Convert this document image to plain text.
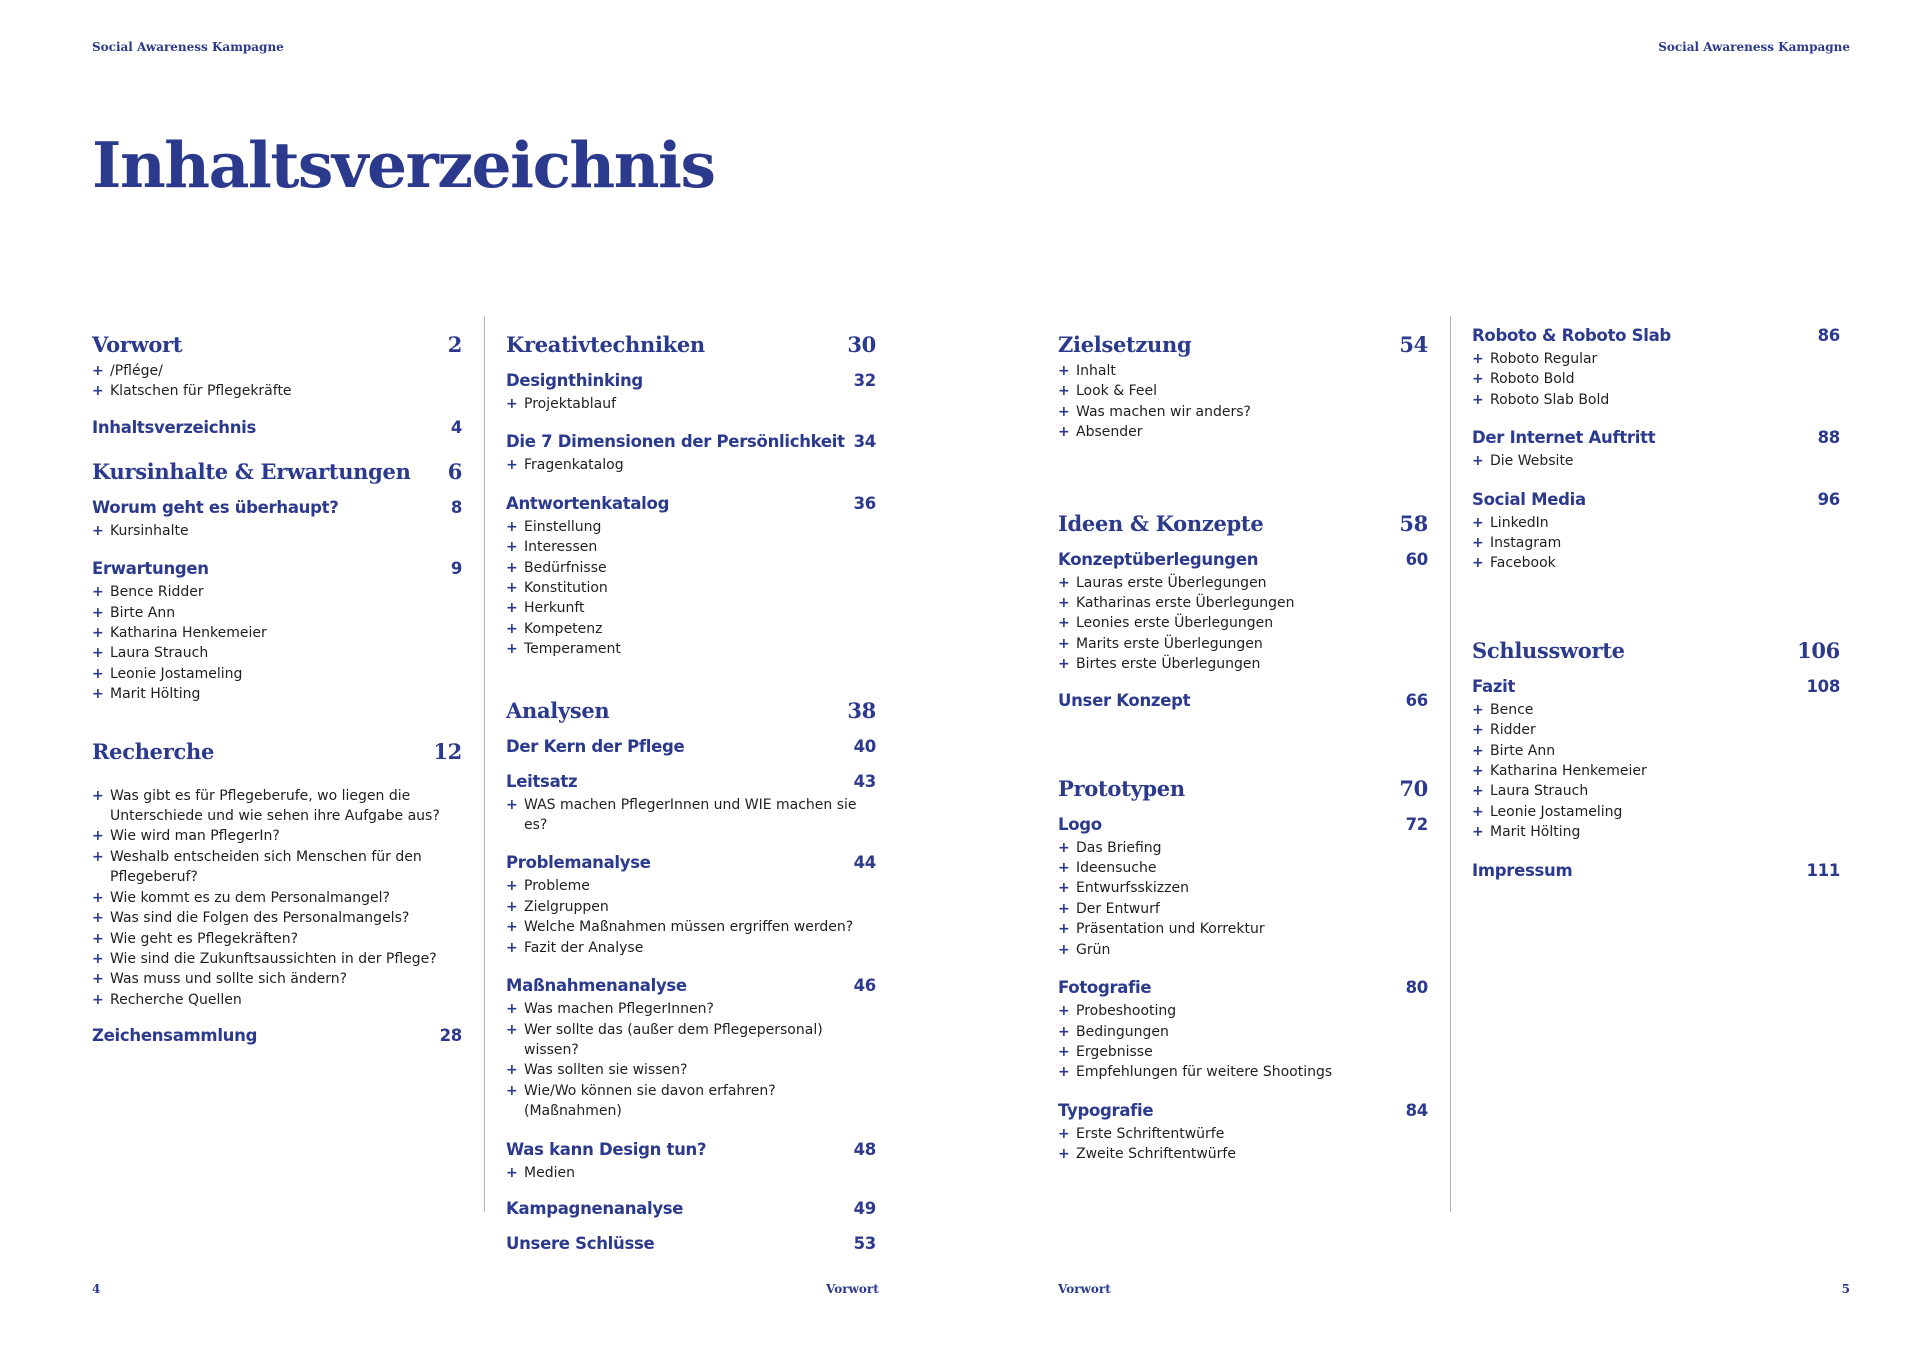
Social Awareness Kampagne	Social Awareness Kampagne
Inhaltsverzeichnis
Vorwort	2
+ /Pflége/
+ Klatschen für Pflegekräfte
Inhaltsverzeichnis	4
Kursinhalte & Erwartungen 6
Worum geht es überhaupt?	8
+ Kursinhalte
Erwartungen	9
+ Bence Ridder
+ Birte Ann
+ Katharina Henkemeier
+ Laura Strauch
+ Leonie Jostameling
+ Marit Hölting
Recherche	12
+ Was gibt es für Pflegeberufe, wo liegen die Unterschiede und wie sehen ihre Aufgabe aus?
+ Wie wird man PflegerIn?
+ Weshalb entscheiden sich Menschen für den Pflegeberuf?
+ Wie kommt es zu dem Personalmangel?
+ Was sind die Folgen des Personalmangels?
+ Wie geht es Pflegekräften?
+ Wie sind die Zukunftsaussichten in der Pflege?
+ Was muss und sollte sich ändern?
+ Recherche Quellen
Zeichensammlung	28
Kreativtechniken	30
Designthinking	32
+ Projektablauf
Die 7 Dimensionen der Persönlichkeit 34
+ Fragenkatalog
Antwortenkatalog	36
+ Einstellung
+ Interessen
+ Bedürfnisse
+ Konstitution
+ Herkunft
+ Kompetenz
+ Temperament
Analysen	38
Der Kern der Pflege	40
Leitsatz	43
+ WAS machen PflegerInnen und WIE machen sie es?
Problemanalyse	44
+ Probleme
+ Zielgruppen
+ Welche Maßnahmen müssen ergriffen werden?
+ Fazit der Analyse
Maßnahmenanalyse	46
+ Was machen PflegerInnen?
+ Wer sollte das (außer dem Pflegepersonal) wissen?
+ Was sollten sie wissen?
+ Wie/Wo können sie davon erfahren? (Maßnahmen)
Was kann Design tun?	48
+ Medien
Kampagnenanalyse	49
Unsere Schlüsse	53
Zielsetzung	54
+ Inhalt
+ Look & Feel
+ Was machen wir anders?
+ Absender
Ideen & Konzepte	58
Konzeptüberlegungen	60
+ Lauras erste Überlegungen
+ Katharinas erste Überlegungen
+ Leonies erste Überlegungen
+ Marits erste Überlegungen
+ Birtes erste Überlegungen
Unser Konzept	66
Prototypen	70
Logo	72
+ Das Briefing
+ Ideensuche
+ Entwurfsskizzen
+ Der Entwurf
+ Präsentation und Korrektur
+ Grün
Fotografie	80
+ Probeshooting
+ Bedingungen
+ Ergebnisse
+ Empfehlungen für weitere Shootings
Typografie	84
+ Erste Schriftentwürfe
+ Zweite Schriftentwürfe
Roboto & Roboto Slab	86
+ Roboto Regular
+ Roboto Bold
+ Roboto Slab Bold
Der Internet Auftritt	88
+ Die Website
Social Media	96
+ LinkedIn
+ Instagram
+ Facebook
Schlussworte	106
Fazit	108
+ Bence
+ Ridder
+ Birte Ann
+ Katharina Henkemeier
+ Laura Strauch
+ Leonie Jostameling
+ Marit Hölting
Impressum	111
4	Vorwort	Vorwort	5
